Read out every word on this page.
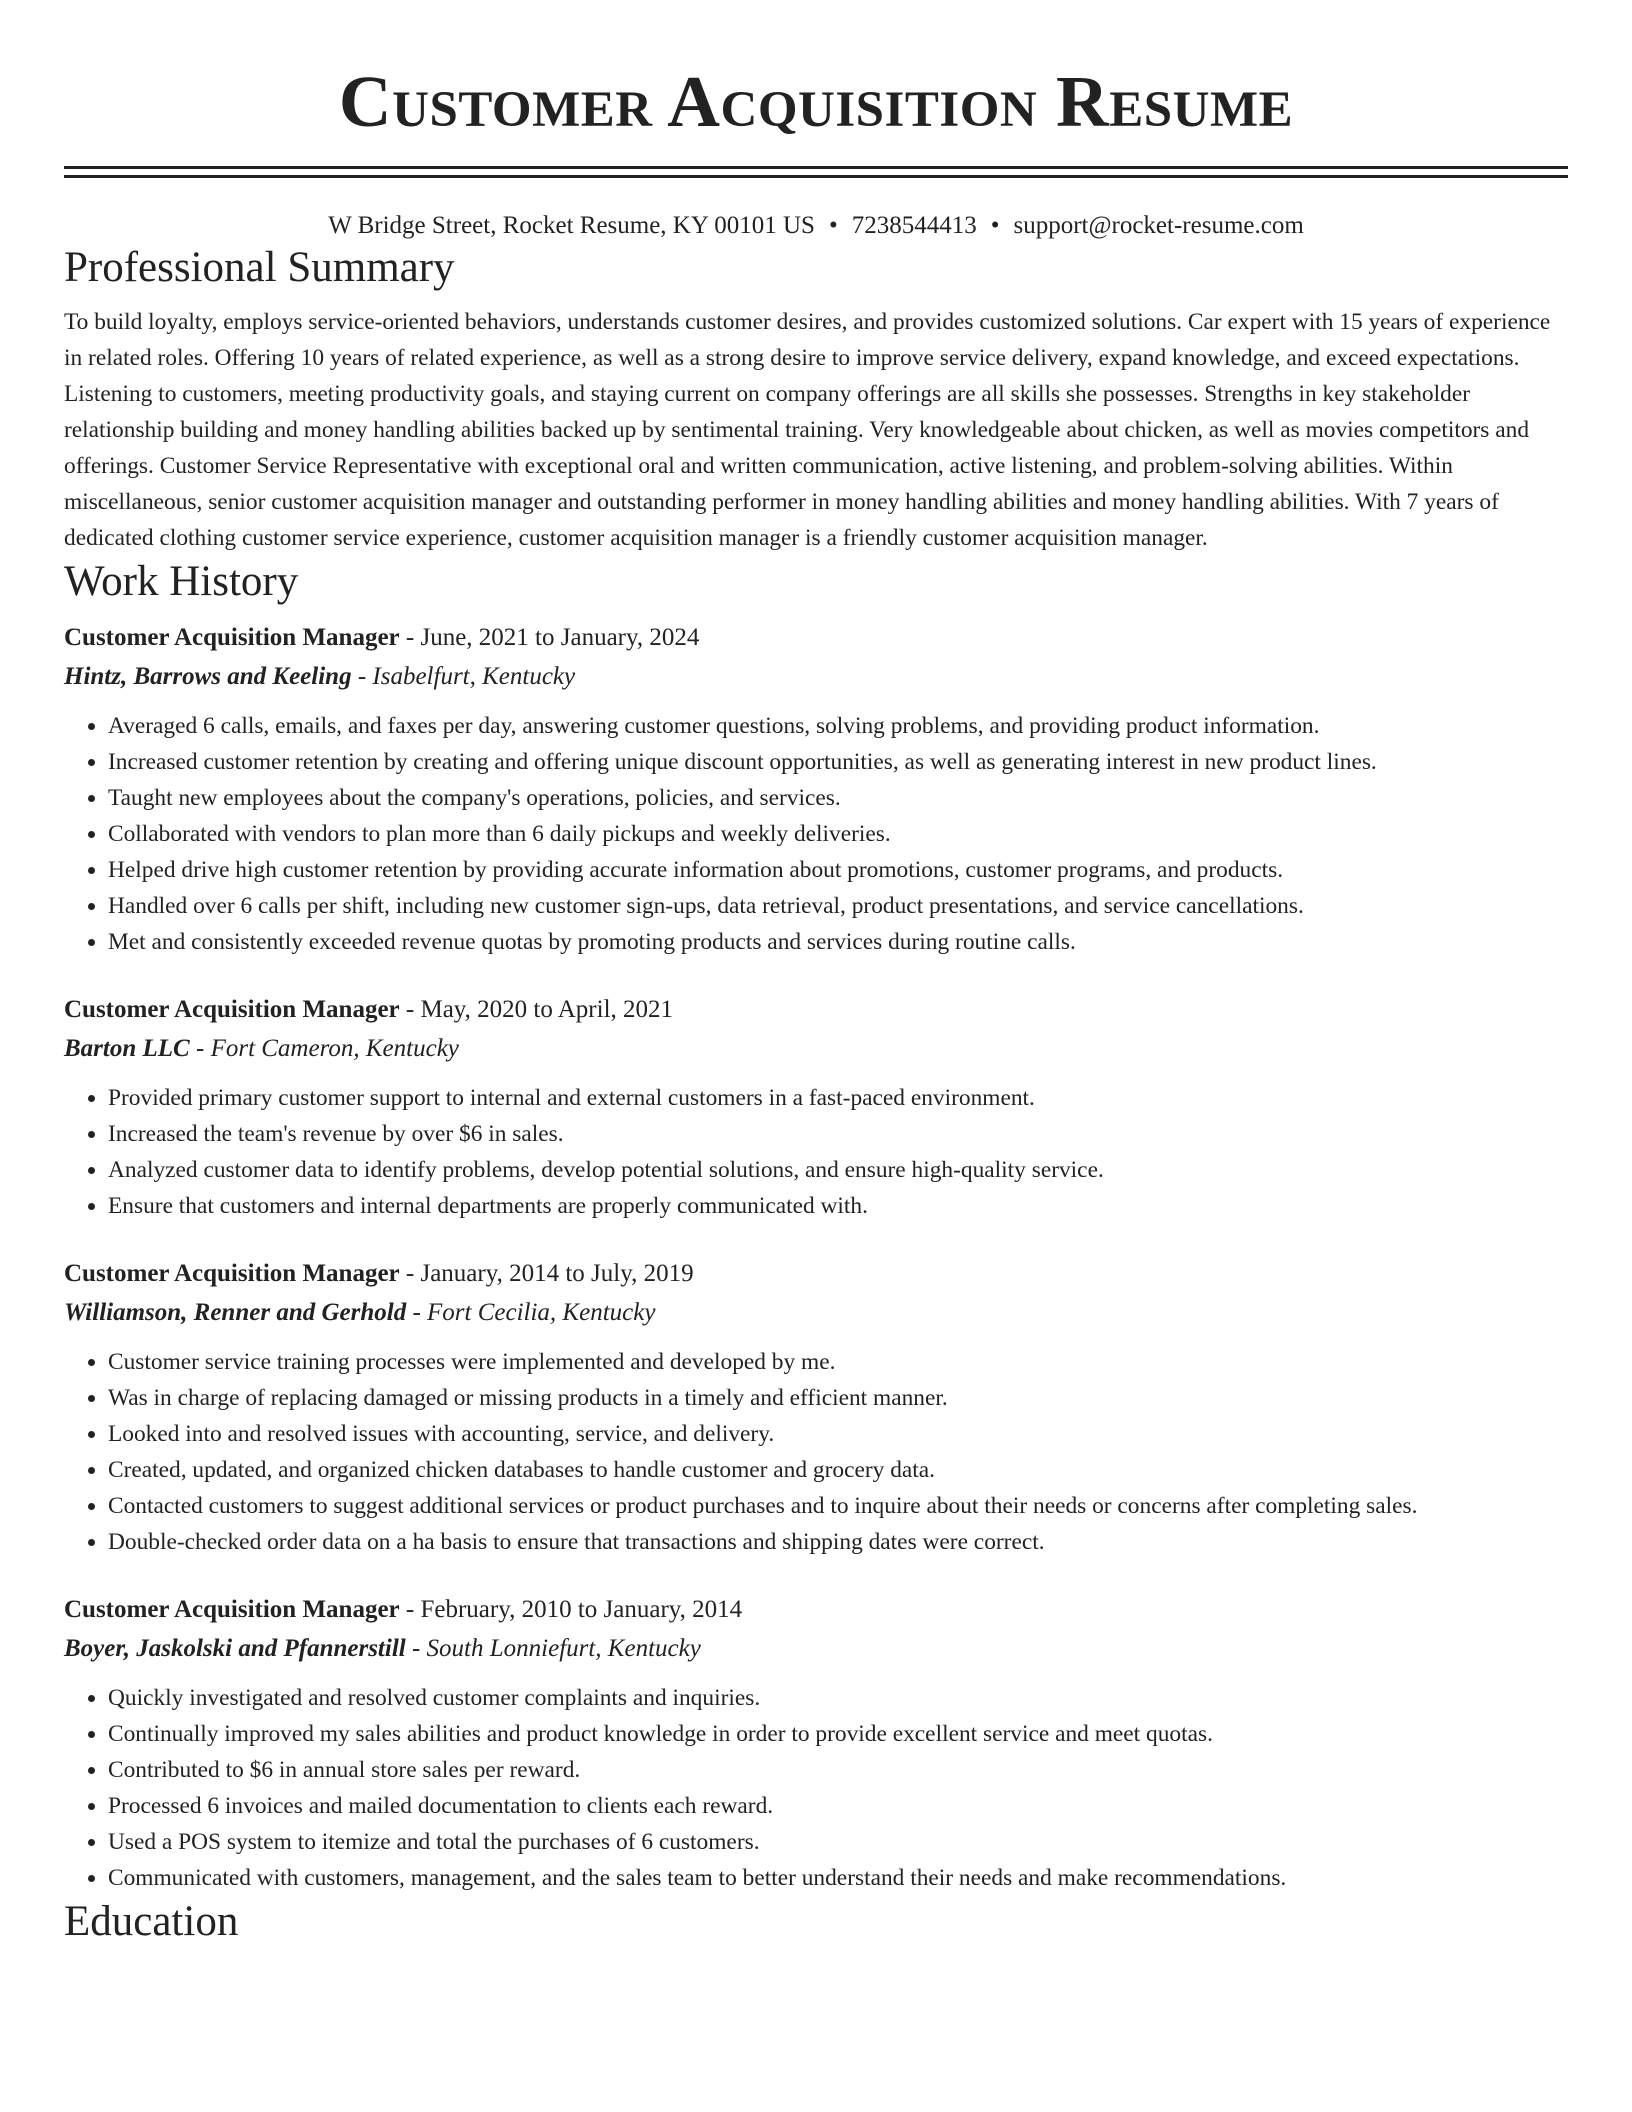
Customer Acquisition Resume
W Bridge Street, Rocket Resume, KY 00101 US • 7238544413 • support@rocket-resume.com
Professional Summary
To build loyalty, employs service-oriented behaviors, understands customer desires, and provides customized solutions. Car expert with 15 years of experience in related roles. Offering 10 years of related experience, as well as a strong desire to improve service delivery, expand knowledge, and exceed expectations. Listening to customers, meeting productivity goals, and staying current on company offerings are all skills she possesses. Strengths in key stakeholder relationship building and money handling abilities backed up by sentimental training. Very knowledgeable about chicken, as well as movies competitors and offerings. Customer Service Representative with exceptional oral and written communication, active listening, and problem-solving abilities. Within miscellaneous, senior customer acquisition manager and outstanding performer in money handling abilities and money handling abilities. With 7 years of dedicated clothing customer service experience, customer acquisition manager is a friendly customer acquisition manager.
Work History
Customer Acquisition Manager - June, 2021 to January, 2024
Hintz, Barrows and Keeling - Isabelfurt, Kentucky
• Averaged 6 calls, emails, and faxes per day, answering customer questions, solving problems, and providing product information.
• Increased customer retention by creating and offering unique discount opportunities, as well as generating interest in new product lines.
• Taught new employees about the company's operations, policies, and services.
• Collaborated with vendors to plan more than 6 daily pickups and weekly deliveries.
• Helped drive high customer retention by providing accurate information about promotions, customer programs, and products.
• Handled over 6 calls per shift, including new customer sign-ups, data retrieval, product presentations, and service cancellations.
• Met and consistently exceeded revenue quotas by promoting products and services during routine calls.
Customer Acquisition Manager - May, 2020 to April, 2021
Barton LLC - Fort Cameron, Kentucky
• Provided primary customer support to internal and external customers in a fast-paced environment.
• Increased the team's revenue by over $6 in sales.
• Analyzed customer data to identify problems, develop potential solutions, and ensure high-quality service.
• Ensure that customers and internal departments are properly communicated with.
Customer Acquisition Manager - January, 2014 to July, 2019
Williamson, Renner and Gerhold - Fort Cecilia, Kentucky
• Customer service training processes were implemented and developed by me.
• Was in charge of replacing damaged or missing products in a timely and efficient manner.
• Looked into and resolved issues with accounting, service, and delivery.
• Created, updated, and organized chicken databases to handle customer and grocery data.
• Contacted customers to suggest additional services or product purchases and to inquire about their needs or concerns after completing sales.
• Double-checked order data on a ha basis to ensure that transactions and shipping dates were correct.
Customer Acquisition Manager - February, 2010 to January, 2014
Boyer, Jaskolski and Pfannerstill - South Lonniefurt, Kentucky
• Quickly investigated and resolved customer complaints and inquiries.
• Continually improved my sales abilities and product knowledge in order to provide excellent service and meet quotas.
• Contributed to $6 in annual store sales per reward.
• Processed 6 invoices and mailed documentation to clients each reward.
• Used a POS system to itemize and total the purchases of 6 customers.
• Communicated with customers, management, and the sales team to better understand their needs and make recommendations.
Education
